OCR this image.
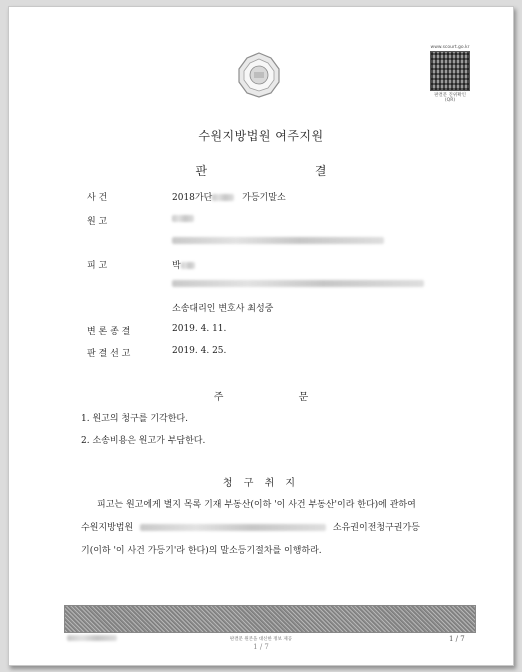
www.scourt.go.kr
판결문 진위확인(QR)
수원지방법원 여주지원
판 결
사 건	2018가단	가등기말소
원 고
피 고	박
소송대리인 변호사 최성중
변 론 종 결	2019. 4. 11.
판 결 선 고	2019. 4. 25.
주 문
1. 원고의 청구를 기각한다.
2. 소송비용은 원고가 부담한다.
청 구 취 지
피고는 원고에게 별지 목록 기재 부동산(이하 '이 사건 부동산'이라 한다)에 관하여
수원지방법원	소유권이전청구권가등
기(이하 '이 사건 가등기'라 한다)의 말소등기절차를 이행하라.
판결문 원본을 대신한 정보 제공
1 / 7
1 / 7
